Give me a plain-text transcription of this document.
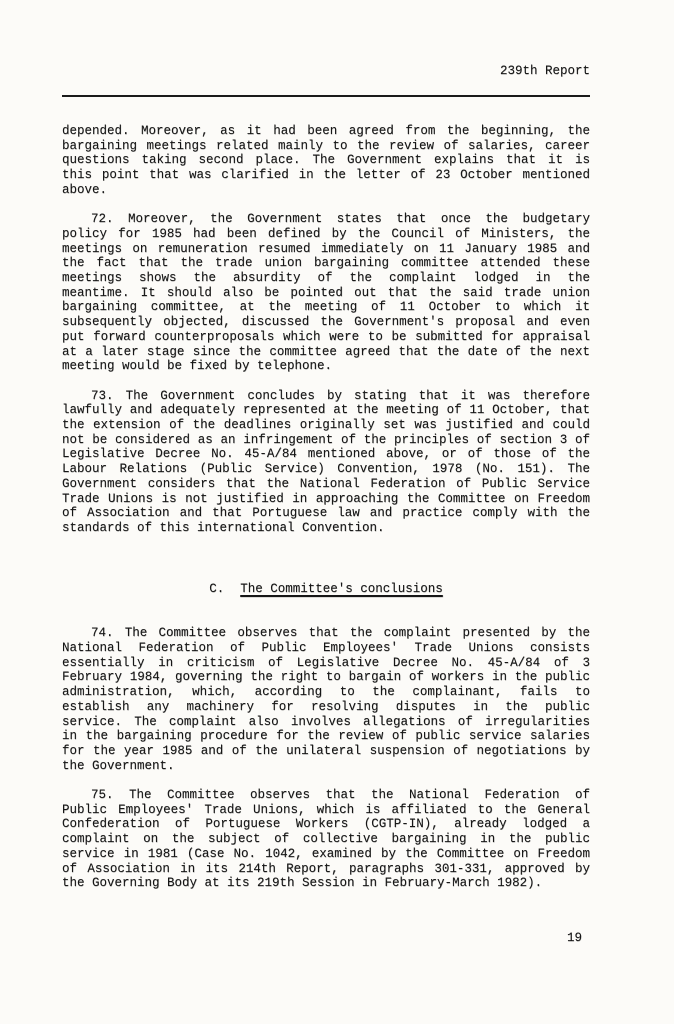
239th Report
depended. Moreover, as it had been agreed from the beginning, the
bargaining meetings related mainly to the review of salaries, career
questions taking second place. The Government explains that it is
this point that was clarified in the letter of 23 October mentioned
above.
72. Moreover, the Government states that once the budgetary
policy for 1985 had been defined by the Council of Ministers, the
meetings on remuneration resumed immediately on 11 January 1985 and
the fact that the trade union bargaining committee attended these
meetings shows the absurdity of the complaint lodged in the
meantime. It should also be pointed out that the said trade union
bargaining committee, at the meeting of 11 October to which it
subsequently objected, discussed the Government's proposal and even
put forward counterproposals which were to be submitted for appraisal
at a later stage since the committee agreed that the date of the next
meeting would be fixed by telephone.
73. The Government concludes by stating that it was therefore
lawfully and adequately represented at the meeting of 11 October, that
the extension of the deadlines originally set was justified and could
not be considered as an infringement of the principles of section 3 of
Legislative Decree No. 45-A/84 mentioned above, or of those of the
Labour Relations (Public Service) Convention, 1978 (No. 151). The
Government considers that the National Federation of Public Service
Trade Unions is not justified in approaching the Committee on Freedom
of Association and that Portuguese law and practice comply with the
standards of this international Convention.
C. The Committee's conclusions
74. The Committee observes that the complaint presented by the
National Federation of Public Employees' Trade Unions consists
essentially in criticism of Legislative Decree No. 45-A/84 of 3
February 1984, governing the right to bargain of workers in the public
administration, which, according to the complainant, fails to
establish any machinery for resolving disputes in the public
service. The complaint also involves allegations of irregularities
in the bargaining procedure for the review of public service salaries
for the year 1985 and of the unilateral suspension of negotiations by
the Government.
75. The Committee observes that the National Federation of
Public Employees' Trade Unions, which is affiliated to the General
Confederation of Portuguese Workers (CGTP-IN), already lodged a
complaint on the subject of collective bargaining in the public
service in 1981 (Case No. 1042, examined by the Committee on Freedom
of Association in its 214th Report, paragraphs 301-331, approved by
the Governing Body at its 219th Session in February-March 1982).
19
